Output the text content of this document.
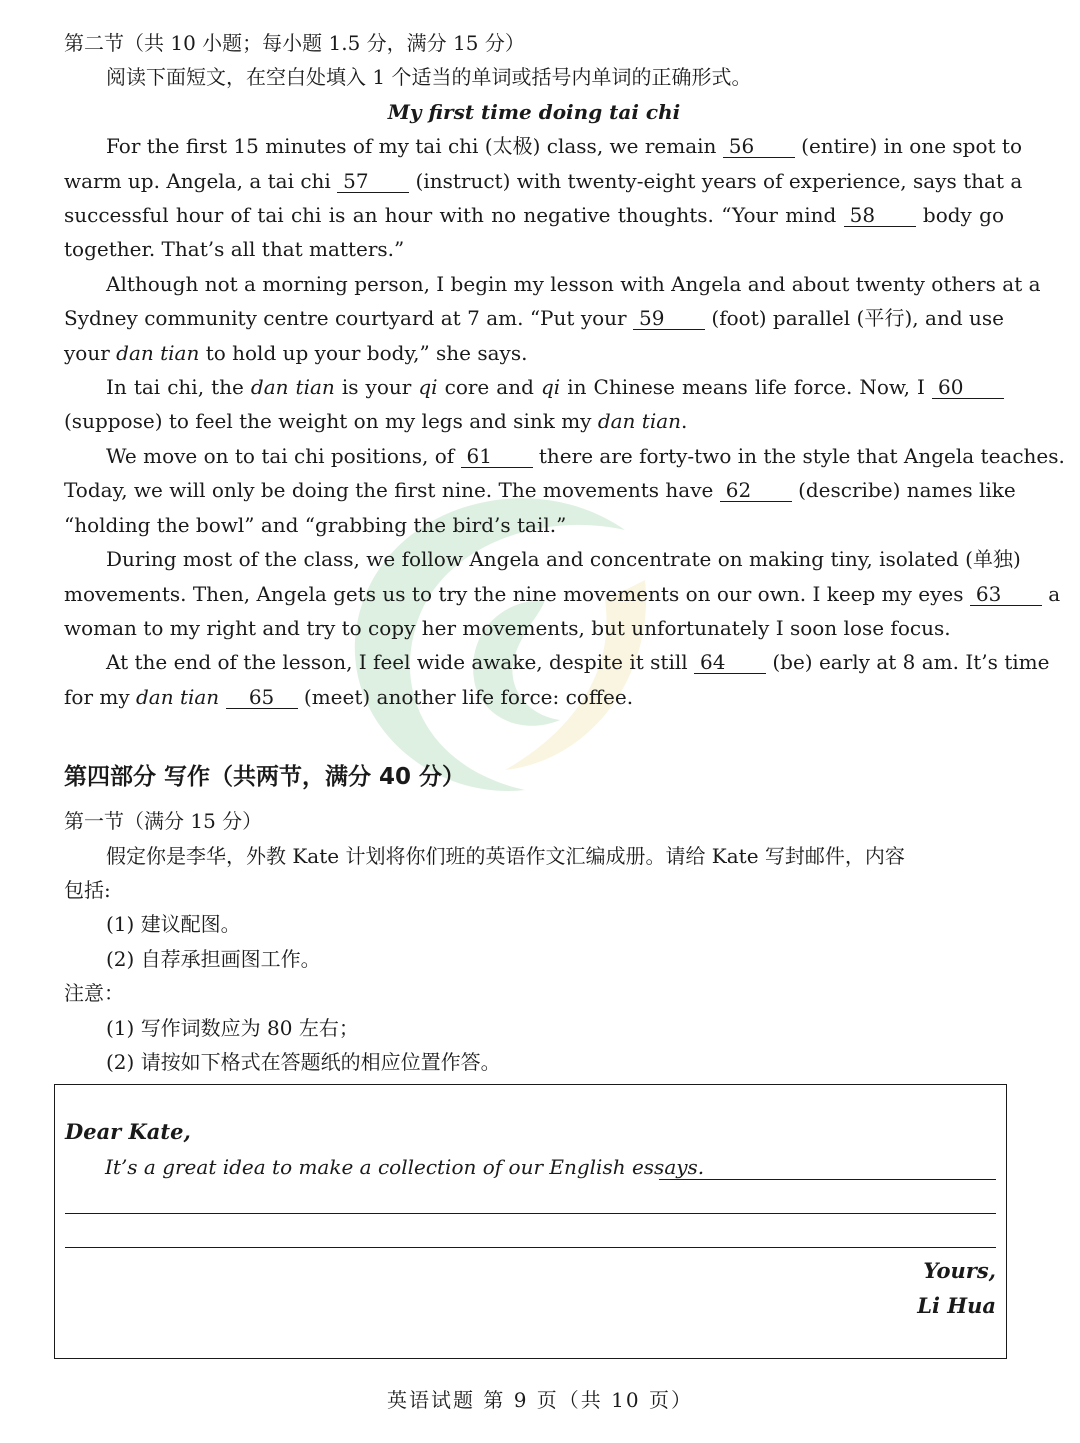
第二节（共 10 小题；每小题 1.5 分，满分 15 分）
阅读下面短文，在空白处填入 1 个适当的单词或括号内单词的正确形式。
My first time doing tai chi
For the first 15 minutes of my tai chi (太极) class, we remain 56 (entire) in one spot to
warm up. Angela, a tai chi 57 (instruct) with twenty-eight years of experience, says that a
successful hour of tai chi is an hour with no negative thoughts. “Your mind 58 body go
together. That’s all that matters.”
Although not a morning person, I begin my lesson with Angela and about twenty others at a
Sydney community centre courtyard at 7 am. “Put your 59 (foot) parallel (平行), and use
your dan tian to hold up your body,” she says.
In tai chi, the dan tian is your qi core and qi in Chinese means life force. Now, I 60
(suppose) to feel the weight on my legs and sink my dan tian.
We move on to tai chi positions, of 61 there are forty-two in the style that Angela teaches.
Today, we will only be doing the first nine. The movements have 62 (describe) names like
“holding the bowl” and “grabbing the bird’s tail.”
During most of the class, we follow Angela and concentrate on making tiny, isolated (单独)
movements. Then, Angela gets us to try the nine movements on our own. I keep my eyes 63 a
woman to my right and try to copy her movements, but unfortunately I soon lose focus.
At the end of the lesson, I feel wide awake, despite it still 64 (be) early at 8 am. It’s time
for my dan tian 65 (meet) another life force: coffee.
第四部分 写作（共两节，满分 40 分）
第一节（满分 15 分）
假定你是李华，外教 Kate 计划将你们班的英语作文汇编成册。请给 Kate 写封邮件，内容
包括:
(1) 建议配图。
(2) 自荐承担画图工作。
注意：
(1) 写作词数应为 80 左右；
(2) 请按如下格式在答题纸的相应位置作答。
Dear Kate,
It’s a great idea to make a collection of our English essays.
Yours,
Li Hua
英语试题 第 9 页（共 10 页）
